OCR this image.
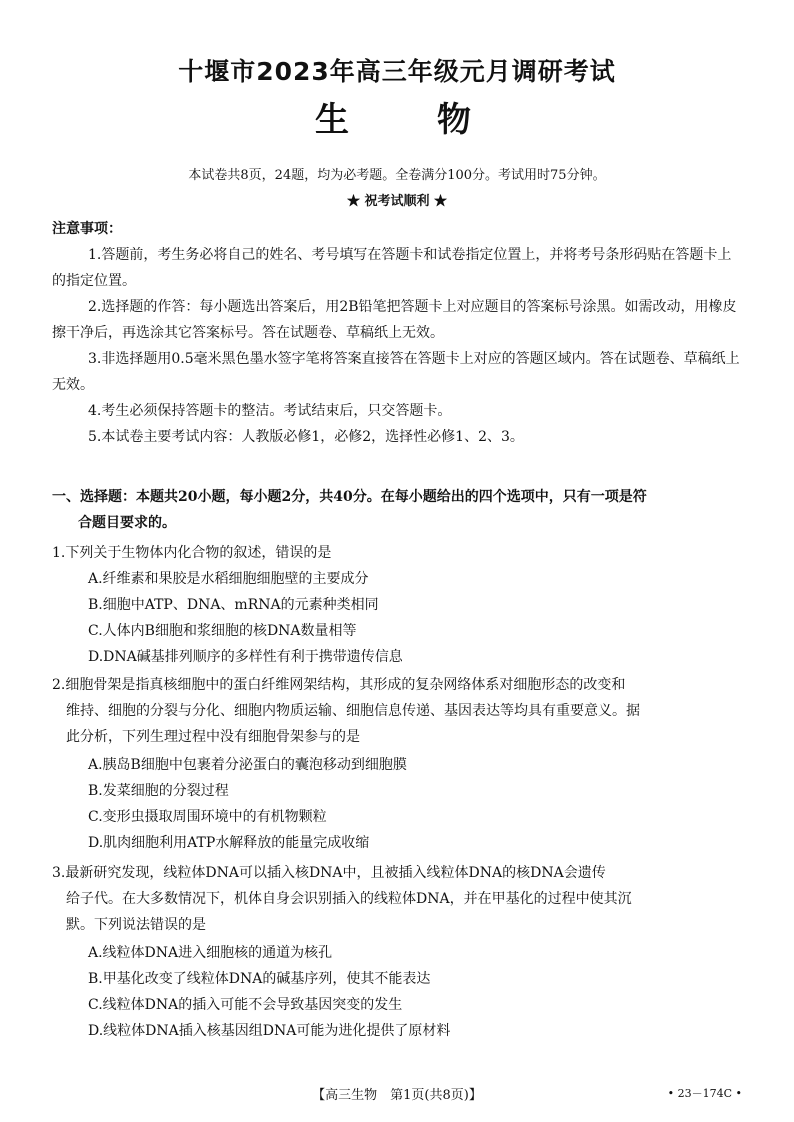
十堰市2023年高三年级元月调研考试
生 物
本试卷共8页，24题，均为必考题。全卷满分100分。考试用时75分钟。
★ 祝考试顺利 ★
注意事项：
1.答题前，考生务必将自己的姓名、考号填写在答题卡和试卷指定位置上，并将考号条形码贴在答题卡上的指定位置。
2.选择题的作答：每小题选出答案后，用2B铅笔把答题卡上对应题目的答案标号涂黑。如需改动，用橡皮擦干净后，再选涂其它答案标号。答在试题卷、草稿纸上无效。
3.非选择题用0.5毫米黑色墨水签字笔将答案直接答在答题卡上对应的答题区域内。答在试题卷、草稿纸上无效。
4.考生必须保持答题卡的整洁。考试结束后，只交答题卡。
5.本试卷主要考试内容：人教版必修1，必修2，选择性必修1、2、3。
一、选择题：本题共20小题，每小题2分，共40分。在每小题给出的四个选项中，只有一项是符
合题目要求的。
1.下列关于生物体内化合物的叙述，错误的是
A.纤维素和果胶是水稻细胞细胞壁的主要成分
B.细胞中ATP、DNA、mRNA的元素种类相同
C.人体内B细胞和浆细胞的核DNA数量相等
D.DNA碱基排列顺序的多样性有利于携带遗传信息
2.细胞骨架是指真核细胞中的蛋白纤维网架结构，其形成的复杂网络体系对细胞形态的改变和
维持、细胞的分裂与分化、细胞内物质运输、细胞信息传递、基因表达等均具有重要意义。据
此分析，下列生理过程中没有细胞骨架参与的是
A.胰岛B细胞中包裹着分泌蛋白的囊泡移动到细胞膜
B.发菜细胞的分裂过程
C.变形虫摄取周围环境中的有机物颗粒
D.肌肉细胞利用ATP水解释放的能量完成收缩
3.最新研究发现，线粒体DNA可以插入核DNA中，且被插入线粒体DNA的核DNA会遗传
给子代。在大多数情况下，机体自身会识别插入的线粒体DNA，并在甲基化的过程中使其沉
默。下列说法错误的是
A.线粒体DNA进入细胞核的通道为核孔
B.甲基化改变了线粒体DNA的碱基序列，使其不能表达
C.线粒体DNA的插入可能不会导致基因突变的发生
D.线粒体DNA插入核基因组DNA可能为进化提供了原材料
【高三生物　第1页(共8页)】	• 23－174C •
